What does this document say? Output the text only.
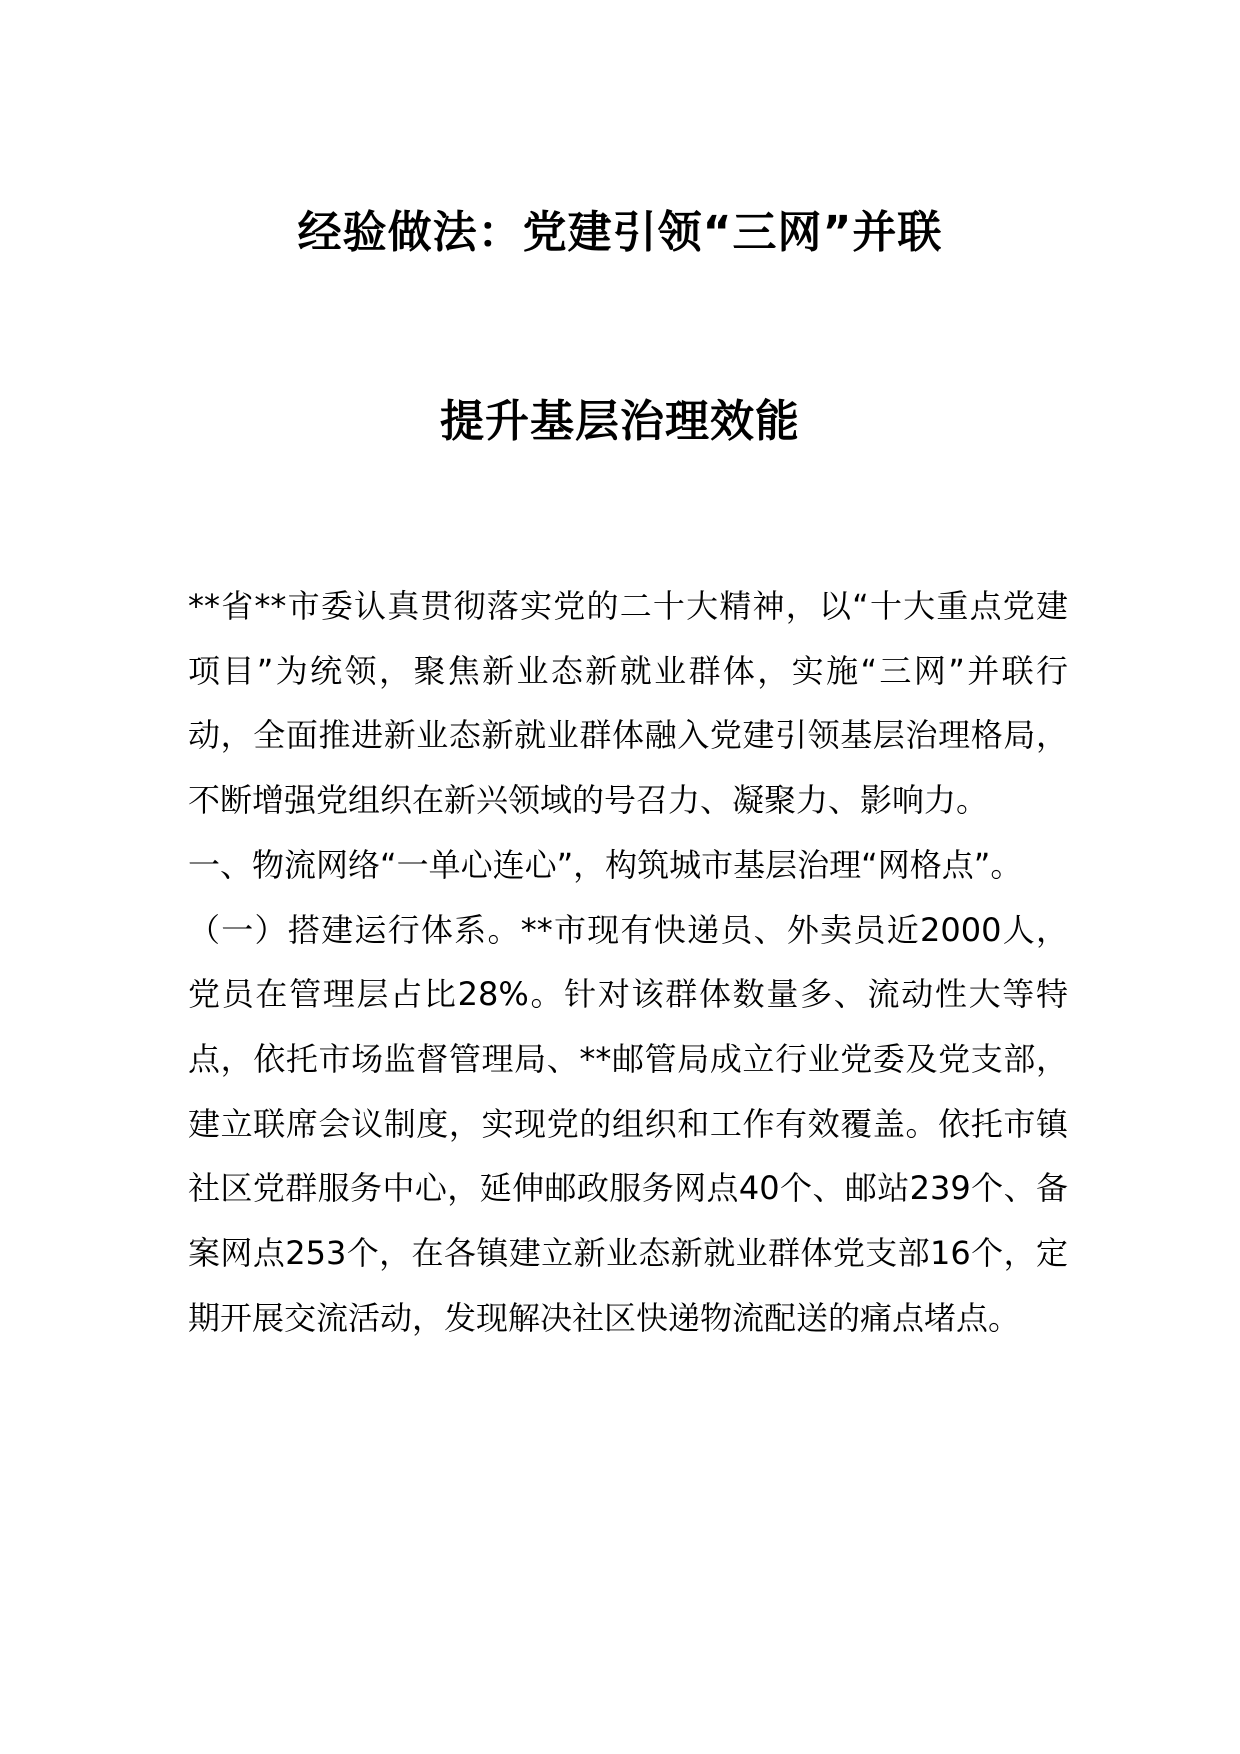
经验做法：党建引领“三网”并联
提升基层治理效能

**省**市委认真贯彻落实党的二十大精神，以“十大重点党建项目”为统领，聚焦新业态新就业群体，实施“三网”并联行动，全面推进新业态新就业群体融入党建引领基层治理格局，不断增强党组织在新兴领域的号召力、凝聚力、影响力。

一、物流网络“一单心连心”，构筑城市基层治理“网格点”。

（一）搭建运行体系。**市现有快递员、外卖员近2000人，党员在管理层占比28%。针对该群体数量多、流动性大等特点，依托市场监督管理局、**邮管局成立行业党委及党支部，建立联席会议制度，实现党的组织和工作有效覆盖。依托市镇社区党群服务中心，延伸邮政服务网点40个、邮站239个、备案网点253个，在各镇建立新业态新就业群体党支部16个，定期开展交流活动，发现解决社区快递物流配送的痛点堵点。
